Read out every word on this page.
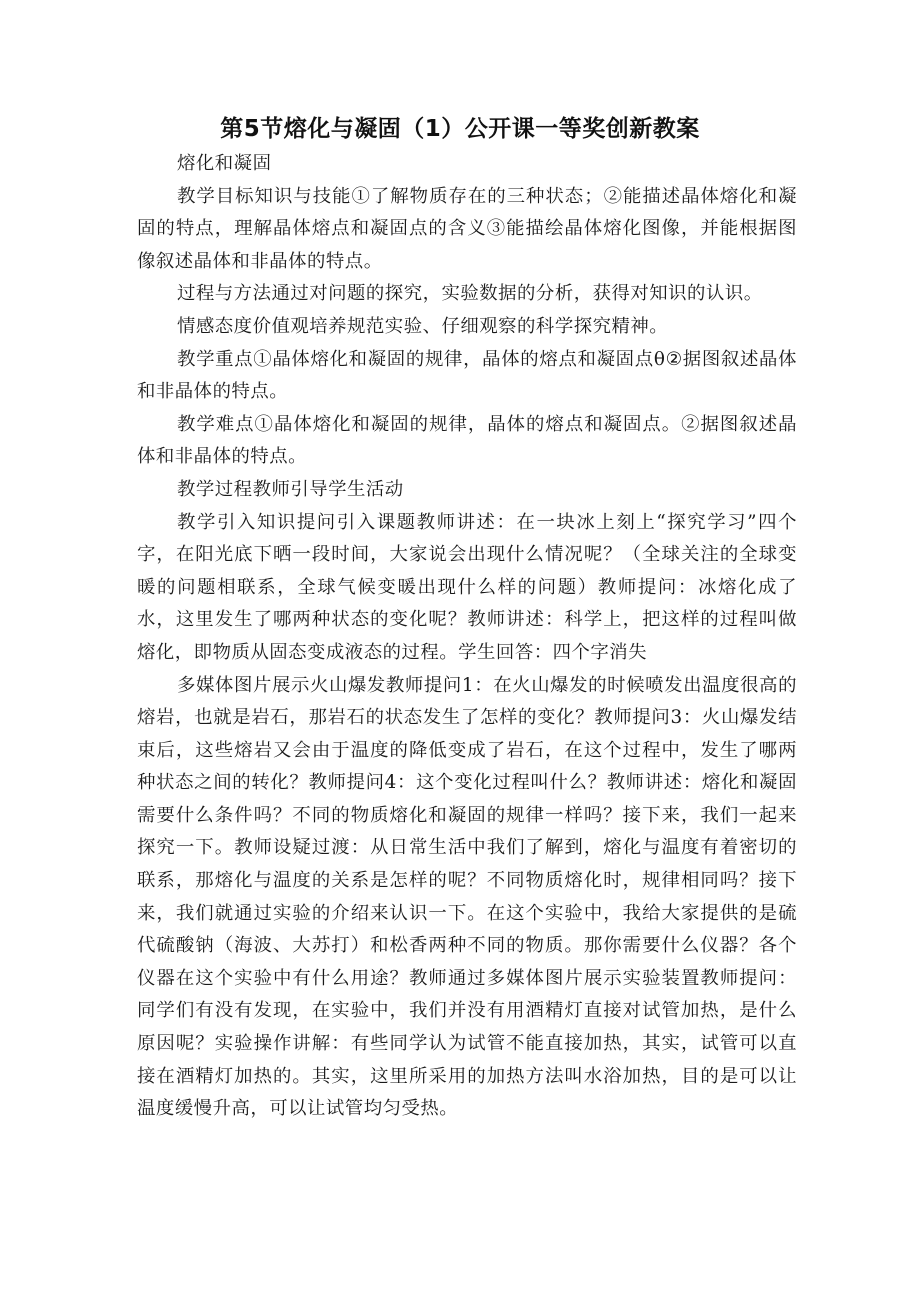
第5节熔化与凝固（1）公开课一等奖创新教案

熔化和凝固

教学目标知识与技能①了解物质存在的三种状态；②能描述晶体熔化和凝固的特点，理解晶体熔点和凝固点的含义③能描绘晶体熔化图像，并能根据图像叙述晶体和非晶体的特点。

过程与方法通过对问题的探究，实验数据的分析，获得对知识的认识。

情感态度价值观培养规范实验、仔细观察的科学探究精神。

教学重点①晶体熔化和凝固的规律，晶体的熔点和凝固点θ②据图叙述晶体和非晶体的特点。

教学难点①晶体熔化和凝固的规律，晶体的熔点和凝固点。②据图叙述晶体和非晶体的特点。

教学过程教师引导学生活动

教学引入知识提问引入课题教师讲述：在一块冰上刻上“探究学习”四个字，在阳光底下晒一段时间，大家说会出现什么情况呢？（全球关注的全球变暖的问题相联系，全球气候变暖出现什么样的问题）教师提问：冰熔化成了水，这里发生了哪两种状态的变化呢？教师讲述：科学上，把这样的过程叫做熔化，即物质从固态变成液态的过程。学生回答：四个字消失

多媒体图片展示火山爆发教师提问1：在火山爆发的时候喷发出温度很高的熔岩，也就是岩石，那岩石的状态发生了怎样的变化？教师提问3：火山爆发结束后，这些熔岩又会由于温度的降低变成了岩石，在这个过程中，发生了哪两种状态之间的转化？教师提问4：这个变化过程叫什么？教师讲述：熔化和凝固需要什么条件吗？不同的物质熔化和凝固的规律一样吗？接下来，我们一起来探究一下。教师设疑过渡：从日常生活中我们了解到，熔化与温度有着密切的联系，那熔化与温度的关系是怎样的呢？不同物质熔化时，规律相同吗？接下来，我们就通过实验的介绍来认识一下。在这个实验中，我给大家提供的是硫代硫酸钠（海波、大苏打）和松香两种不同的物质。那你需要什么仪器？各个仪器在这个实验中有什么用途？教师通过多媒体图片展示实验装置教师提问：同学们有没有发现，在实验中，我们并没有用酒精灯直接对试管加热，是什么原因呢？实验操作讲解：有些同学认为试管不能直接加热，其实，试管可以直接在酒精灯加热的。其实，这里所采用的加热方法叫水浴加热，目的是可以让温度缓慢升高，可以让试管均匀受热。
